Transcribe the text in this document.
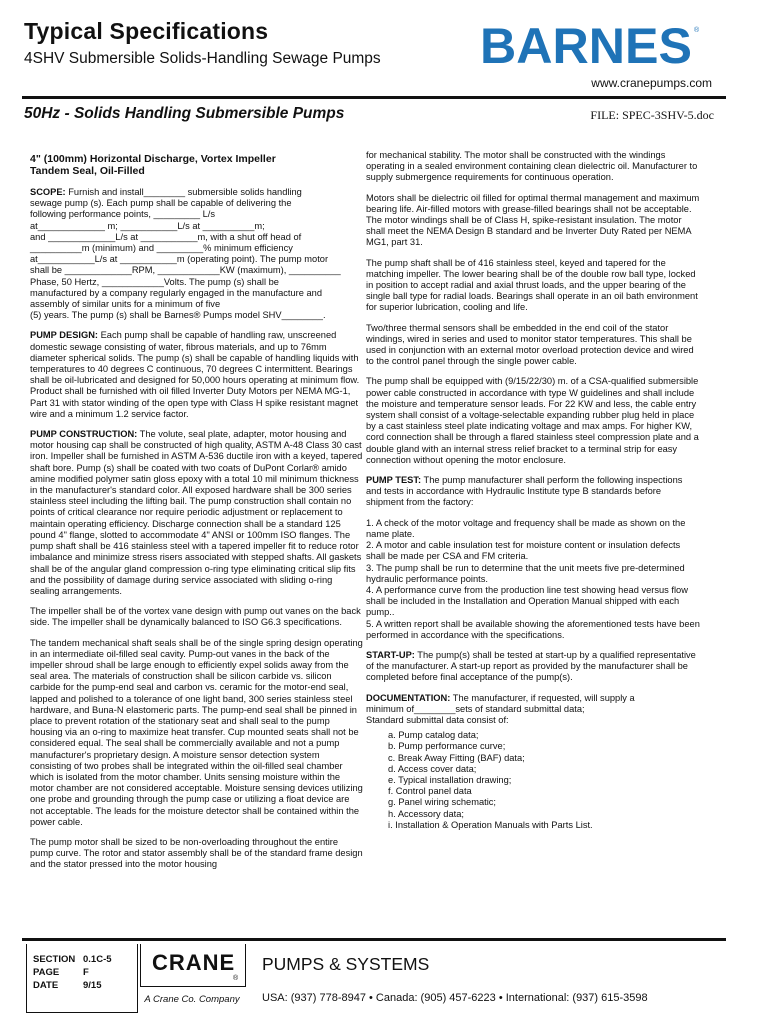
Typical Specifications
4SHV Submersible Solids-Handling Sewage Pumps BARNES ®
www.cranepumps.com
50Hz - Solids Handling Submersible Pumps	FILE: SPEC-3SHV-5.doc

4" (100mm) Horizontal Discharge, Vortex Impeller
Tandem Seal, Oil-Filled

SCOPE: Furnish and install________ submersible solids handling
sewage pump (s). Each pump shall be capable of delivering the
following performance points, _________ L/s
at_____________ m; ___________L/s at __________m;
and _____________L/s at ___________m, with a shut off head of
__________m (minimum) and _________% minimum efficiency
at___________L/s at ___________m (operating point). The pump motor
shall be _____________RPM, ____________KW (maximum), __________
Phase, 50 Hertz, ____________Volts. The pump (s) shall be
manufactured by a company regularly engaged in the manufacture and
assembly of similar units for a minimum of five
(5) years. The pump (s) shall be Barnes® Pumps model SHV________.

PUMP DESIGN: Each pump shall be capable of handling raw, unscreened domestic sewage consisting of water, fibrous materials, and up to 76mm diameter spherical solids. The pump (s) shall be capable of handling liquids with temperatures to 40 degrees C continuous, 70 degrees C intermittent. Bearings shall be oil-lubricated and designed for 50,000 hours operating at minimum flow. Product shall be furnished with oil filled Inverter Duty Motors per NEMA MG-1, Part 31 with stator winding of the open type with Class H spike resistant magnet wire and a minimum 1.2 service factor.

PUMP CONSTRUCTION: The volute, seal plate, adapter, motor housing and motor housing cap shall be constructed of high quality, ASTM A-48 Class 30 cast iron. Impeller shall be furnished in ASTM A-536 ductile iron with a keyed, tapered shaft bore. Pump (s) shall be coated with two coats of DuPont Corlar® amido amine modified polymer satin gloss epoxy with a total 10 mil minimum thickness in the manufacturer's standard color. All exposed hardware shall be 300 series stainless steel including the lifting bail. The pump construction shall contain no points of critical clearance nor require periodic adjustment or replacement to maintain operating efficiency. Discharge connection shall be a standard 125 pound 4" flange, slotted to accommodate 4" ANSI or 100mm ISO flanges. The pump shaft shall be 416 stainless steel with a tapered impeller fit to reduce rotor imbalance and minimize stress risers associated with stepped shafts. All gaskets shall be of the angular gland compression o-ring type eliminating critical slip fits and the possibility of damage during service associated with sliding o-ring sealing arrangements.

The impeller shall be of the vortex vane design with pump out vanes on the back side. The impeller shall be dynamically balanced to ISO G6.3 specifications.

The tandem mechanical shaft seals shall be of the single spring design operating in an intermediate oil-filled seal cavity. Pump-out vanes in the back of the impeller shroud shall be large enough to efficiently expel solids away from the seal area. The materials of construction shall be silicon carbide vs. silicon carbide for the pump-end seal and carbon vs. ceramic for the motor-end seal, lapped and polished to a tolerance of one light band, 300 series stainless steel hardware, and Buna-N elastomeric parts. The pump-end seal shall be pinned in place to prevent rotation of the stationary seat and shall seal to the pump housing via an o-ring to maximize heat transfer. Cup mounted seats shall not be considered equal. The seal shall be commercially available and not a pump manufacturer's proprietary design. A moisture sensor detection system consisting of two probes shall be integrated within the oil-filled seal chamber which is isolated from the motor chamber. Units sensing moisture within the motor chamber are not considered acceptable. Moisture sensing devices utilizing one probe and grounding through the pump case or utilizing a float device are not acceptable. The leads for the moisture detector shall be contained within the power cable.

The pump motor shall be sized to be non-overloading throughout the entire pump curve. The rotor and stator assembly shall be of the standard frame design and the stator pressed into the motor housing

for mechanical stability. The motor shall be constructed with the windings operating in a sealed environment containing clean dielectric oil. Manufacturer to supply submergence requirements for continuous operation.

Motors shall be dielectric oil filled for optimal thermal management and maximum bearing life. Air-filled motors with grease-filled bearings shall not be acceptable. The motor windings shall be of Class H, spike-resistant insulation. The motor shall meet the NEMA Design B standard and be Inverter Duty Rated per NEMA MG1, part 31.

The pump shaft shall be of 416 stainless steel, keyed and tapered for the matching impeller. The lower bearing shall be of the double row ball type, locked in position to accept radial and axial thrust loads, and the upper bearing of the single ball type for radial loads. Bearings shall operate in an oil bath environment for superior lubrication, cooling and life.

Two/three thermal sensors shall be embedded in the end coil of the stator windings, wired in series and used to monitor stator temperatures. This shall be used in conjunction with an external motor overload protection device and wired to the control panel through the single power cable.

The pump shall be equipped with (9/15/22/30) m. of a CSA-qualified submersible power cable constructed in accordance with type W guidelines and shall include the moisture and temperature sensor leads. For 22 KW and less, the cable entry system shall consist of a voltage-selectable expanding rubber plug held in place by a cast stainless steel plate indicating voltage and max amps. For higher KW, cord connection shall be through a flared stainless steel compression plate and a double gland with an internal stress relief bracket to a terminal strip for easy connection without opening the motor enclosure.

PUMP TEST: The pump manufacturer shall perform the following inspections and tests in accordance with Hydraulic Institute type B standards before shipment from the factory:

1. A check of the motor voltage and frequency shall be made as shown on the name plate.
2. A motor and cable insulation test for moisture content or insulation defects shall be made per CSA and FM criteria.
3. The pump shall be run to determine that the unit meets five pre-determined hydraulic performance points.
4. A performance curve from the production line test showing head versus flow shall be included in the Installation and Operation Manual shipped with each pump..
5. A written report shall be available showing the aforementioned tests have been performed in accordance with the specifications.

START-UP: The pump(s) shall be tested at start-up by a qualified representative of the manufacturer. A start-up report as provided by the manufacturer shall be completed before final acceptance of the pump(s).

DOCUMENTATION: The manufacturer, if requested, will supply a
minimum of________sets of standard submittal data;
Standard submittal data consist of:

a. Pump catalog data;
b. Pump performance curve;
c. Break Away Fitting (BAF) data;
d. Access cover data;
e. Typical installation drawing;
f. Control panel data
g. Panel wiring schematic;
h. Accessory data;
i. Installation & Operation Manuals with Parts List.
SECTION 0.1C-5
PAGE	F
DATE	9/15
CRANE
®
A Crane Co. Company
PUMPS & SYSTEMS
USA: (937) 778-8947 • Canada: (905) 457-6223 • International: (937) 615-3598
